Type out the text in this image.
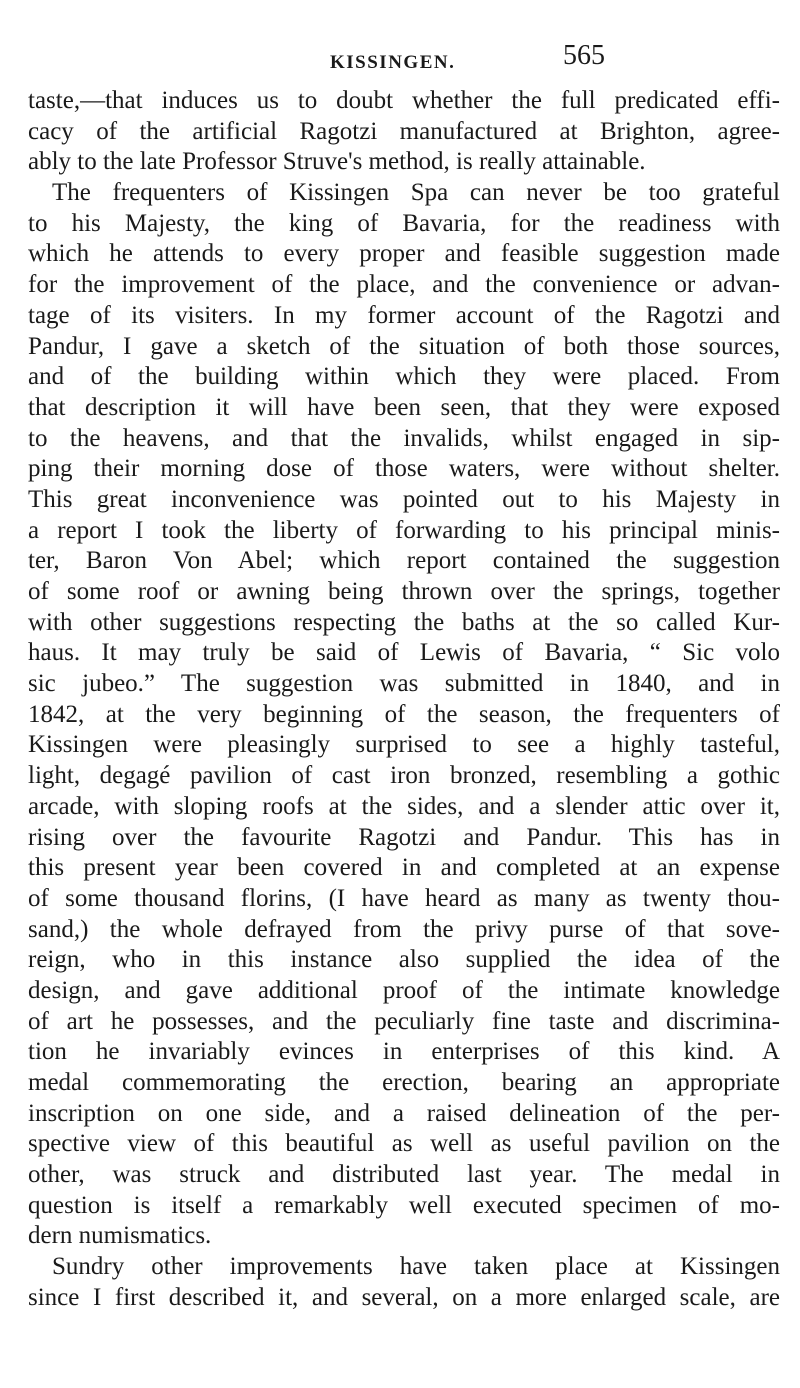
KISSINGEN.	565
taste,—that induces us to doubt whether the full predicated effi-
cacy of the artificial Ragotzi manufactured at Brighton, agree-
ably to the late Professor Struve's method, is really attainable.
The frequenters of Kissingen Spa can never be too grateful
to his Majesty, the king of Bavaria, for the readiness with
which he attends to every proper and feasible suggestion made
for the improvement of the place, and the convenience or advan-
tage of its visiters. In my former account of the Ragotzi and
Pandur, I gave a sketch of the situation of both those sources,
and of the building within which they were placed. From
that description it will have been seen, that they were exposed
to the heavens, and that the invalids, whilst engaged in sip-
ping their morning dose of those waters, were without shelter.
This great inconvenience was pointed out to his Majesty in
a report I took the liberty of forwarding to his principal minis-
ter, Baron Von Abel; which report contained the suggestion
of some roof or awning being thrown over the springs, together
with other suggestions respecting the baths at the so called Kur-
haus. It may truly be said of Lewis of Bavaria, “ Sic volo
sic jubeo.” The suggestion was submitted in 1840, and in
1842, at the very beginning of the season, the frequenters of
Kissingen were pleasingly surprised to see a highly tasteful,
light, degagé pavilion of cast iron bronzed, resembling a gothic
arcade, with sloping roofs at the sides, and a slender attic over it,
rising over the favourite Ragotzi and Pandur. This has in
this present year been covered in and completed at an expense
of some thousand florins, (I have heard as many as twenty thou-
sand,) the whole defrayed from the privy purse of that sove-
reign, who in this instance also supplied the idea of the
design, and gave additional proof of the intimate knowledge
of art he possesses, and the peculiarly fine taste and discrimina-
tion he invariably evinces in enterprises of this kind. A
medal commemorating the erection, bearing an appropriate
inscription on one side, and a raised delineation of the per-
spective view of this beautiful as well as useful pavilion on the
other, was struck and distributed last year. The medal in
question is itself a remarkably well executed specimen of mo-
dern numismatics.
Sundry other improvements have taken place at Kissingen
since I first described it, and several, on a more enlarged scale, are
